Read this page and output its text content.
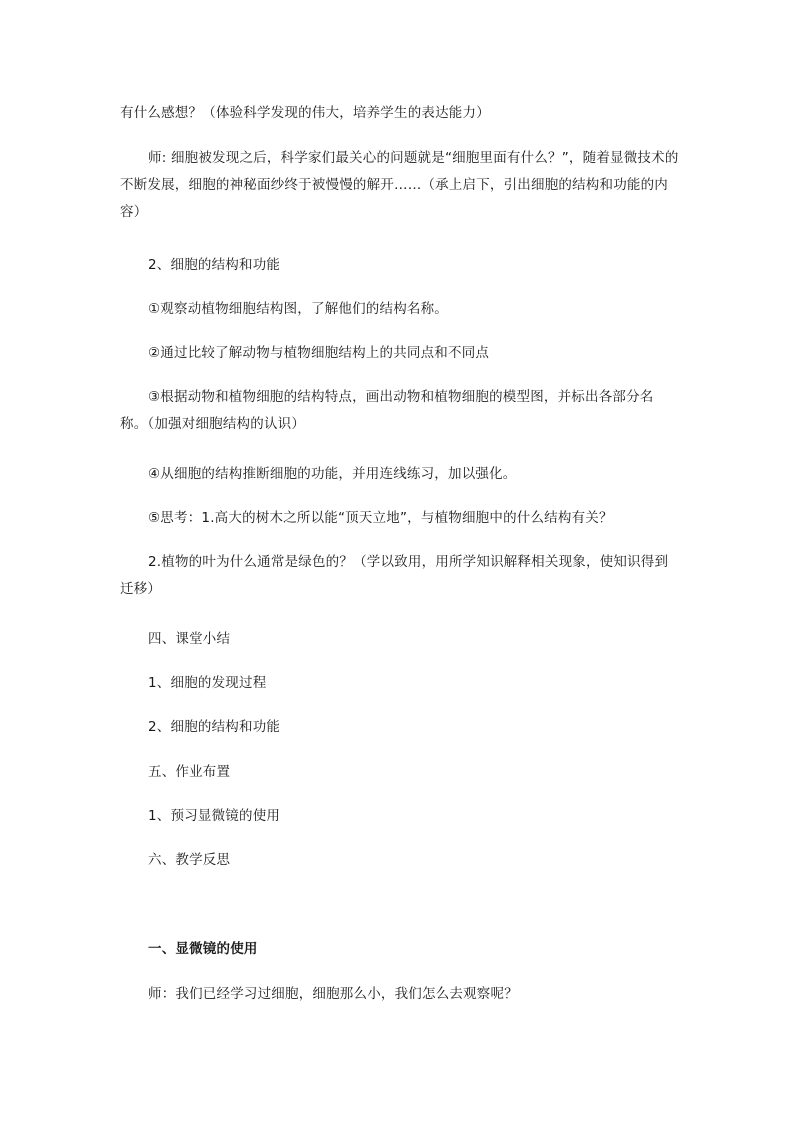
有什么感想？（体验科学发现的伟大，培养学生的表达能力）

师: 细胞被发现之后，科学家们最关心的问题就是“细胞里面有什么？”，随着显微技术的不断发展，细胞的神秘面纱终于被慢慢的解开……（承上启下，引出细胞的结构和功能的内容）

2、细胞的结构和功能

①观察动植物细胞结构图，了解他们的结构名称。

②通过比较了解动物与植物细胞结构上的共同点和不同点

③根据动物和植物细胞的结构特点，画出动物和植物细胞的模型图，并标出各部分名称。（加强对细胞结构的认识）

④从细胞的结构推断细胞的功能，并用连线练习，加以强化。

⑤思考：1.高大的树木之所以能“顶天立地”，与植物细胞中的什么结构有关？

2.植物的叶为什么通常是绿色的？（学以致用，用所学知识解释相关现象，使知识得到迁移）

四、课堂小结

1、细胞的发现过程

2、细胞的结构和功能

五、作业布置

1、预习显微镜的使用

六、教学反思

一、显微镜的使用

师：我们已经学习过细胞，细胞那么小，我们怎么去观察呢？
